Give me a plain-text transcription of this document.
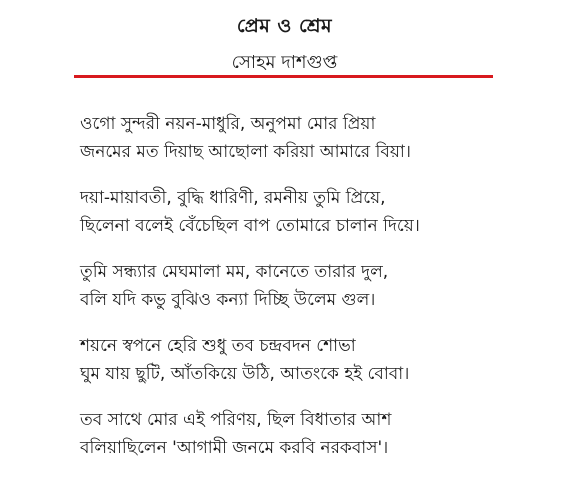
প্রেম ও শ্রেম
সোহম দাশগুপ্ত
ওগো সুন্দরী নয়ন-মাধুরি, অনুপমা মোর প্রিয়া
জনমের মত দিয়াছ আছোলা করিয়া আমারে বিয়া।
দয়া-মায়াবতী, বুদ্ধি ধারিণী, রমনীয় তুমি প্রিয়ে,
ছিলেনা বলেই বেঁচেছিল বাপ তোমারে চালান দিয়ে।
তুমি সন্ধ্যার মেঘমালা মম, কানেতে তারার দুল,
বলি যদি কভু বুঝিও কন্যা দিচ্ছি উলেম গুল।
শয়নে স্বপনে হেরি শুধু তব চন্দ্রবদন শোভা
ঘুম যায় ছুটি, আঁতকিয়ে উঠি, আতংকে হই বোবা।
তব সাথে মোর এই পরিণয়, ছিল বিধাতার আশ
বলিয়াছিলেন 'আগামী জনমে করবি নরকবাস'।
